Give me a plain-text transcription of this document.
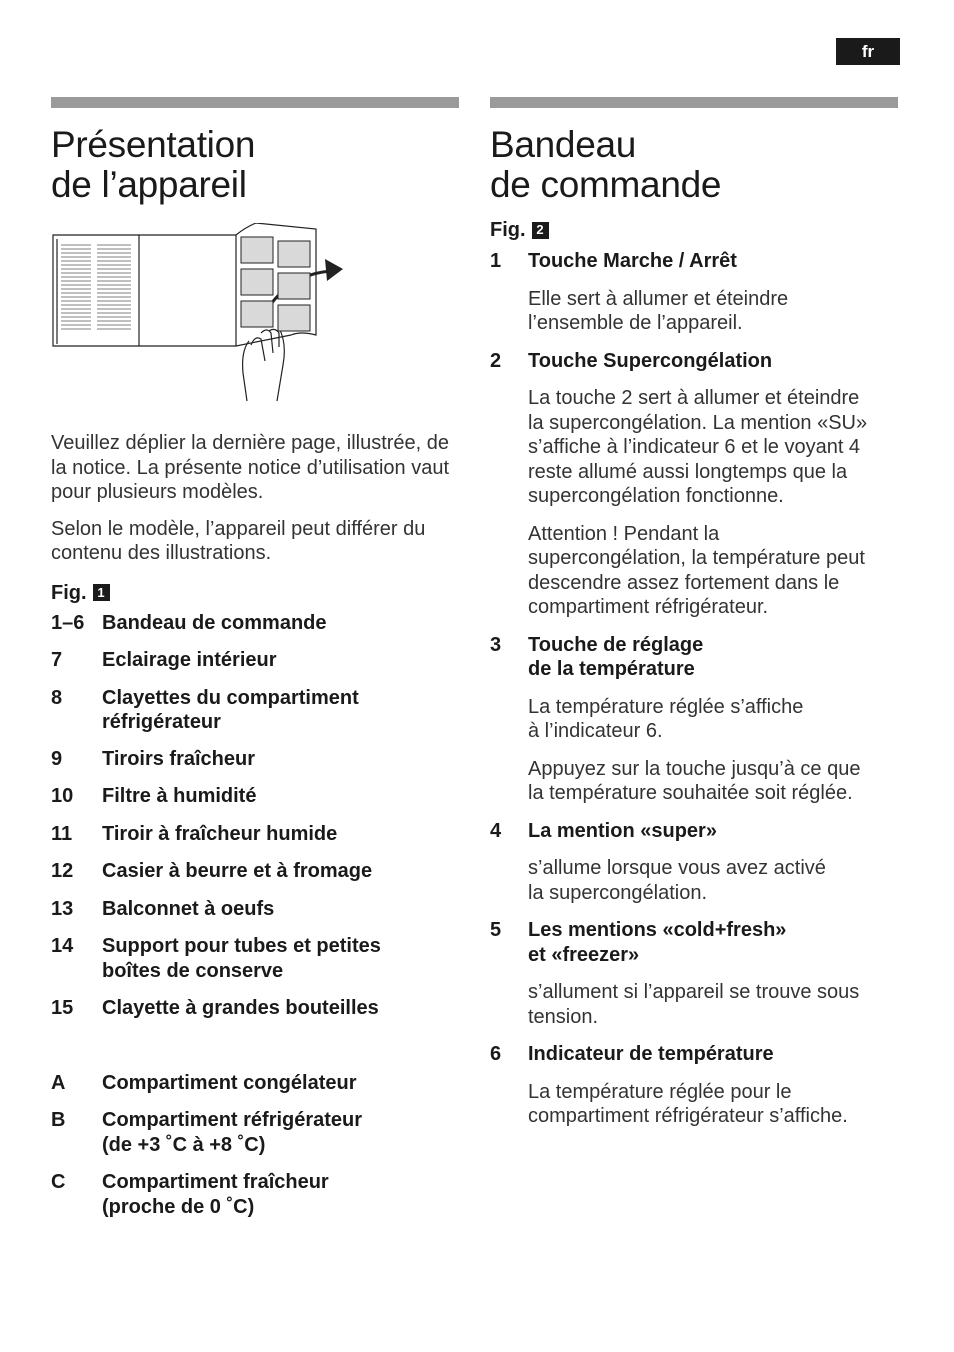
fr
Présentation
de l’appareil

Veuillez déplier la dernière page, illustrée, de la notice. La présente notice d’utilisation vaut pour plusieurs modèles.

Selon le modèle, l’appareil peut différer du contenu des illustrations.

Fig. 1
1–6 Bandeau de commande
7	Eclairage intérieur
8	Clayettes du compartiment
réfrigérateur
9	Tiroirs fraîcheur
10	Filtre à humidité
11	Tiroir à fraîcheur humide
12	Casier à beurre et à fromage
13	Balconnet à oeufs
14	Support pour tubes et petites
boîtes de conserve
15	Clayette à grandes bouteilles
A	Compartiment congélateur
B	Compartiment réfrigérateur
(de +3 ˚C à +8 ˚C)
C	Compartiment fraîcheur
(proche de 0 ˚C)
Bandeau
de commande
Fig. 2
1	Touche Marche / Arrêt

Elle sert à allumer et éteindre
l’ensemble de l’appareil.

2	Touche Supercongélation

La touche 2 sert à allumer et éteindre
la supercongélation. La mention «SU»
s’affiche à l’indicateur 6 et le voyant 4
reste allumé aussi longtemps que la
supercongélation fonctionne.

Attention ! Pendant la
supercongélation, la température peut
descendre assez fortement dans le
compartiment réfrigérateur.

3	Touche de réglage
de la température

La température réglée s’affiche
à l’indicateur 6.

Appuyez sur la touche jusqu’à ce que
la température souhaitée soit réglée.

4	La mention «super»

s’allume lorsque vous avez activé
la supercongélation.

5	Les mentions «cold+fresh»
et «freezer»

s’allument si l’appareil se trouve sous
tension.

6	Indicateur de température

La température réglée pour le
compartiment réfrigérateur s’affiche.
